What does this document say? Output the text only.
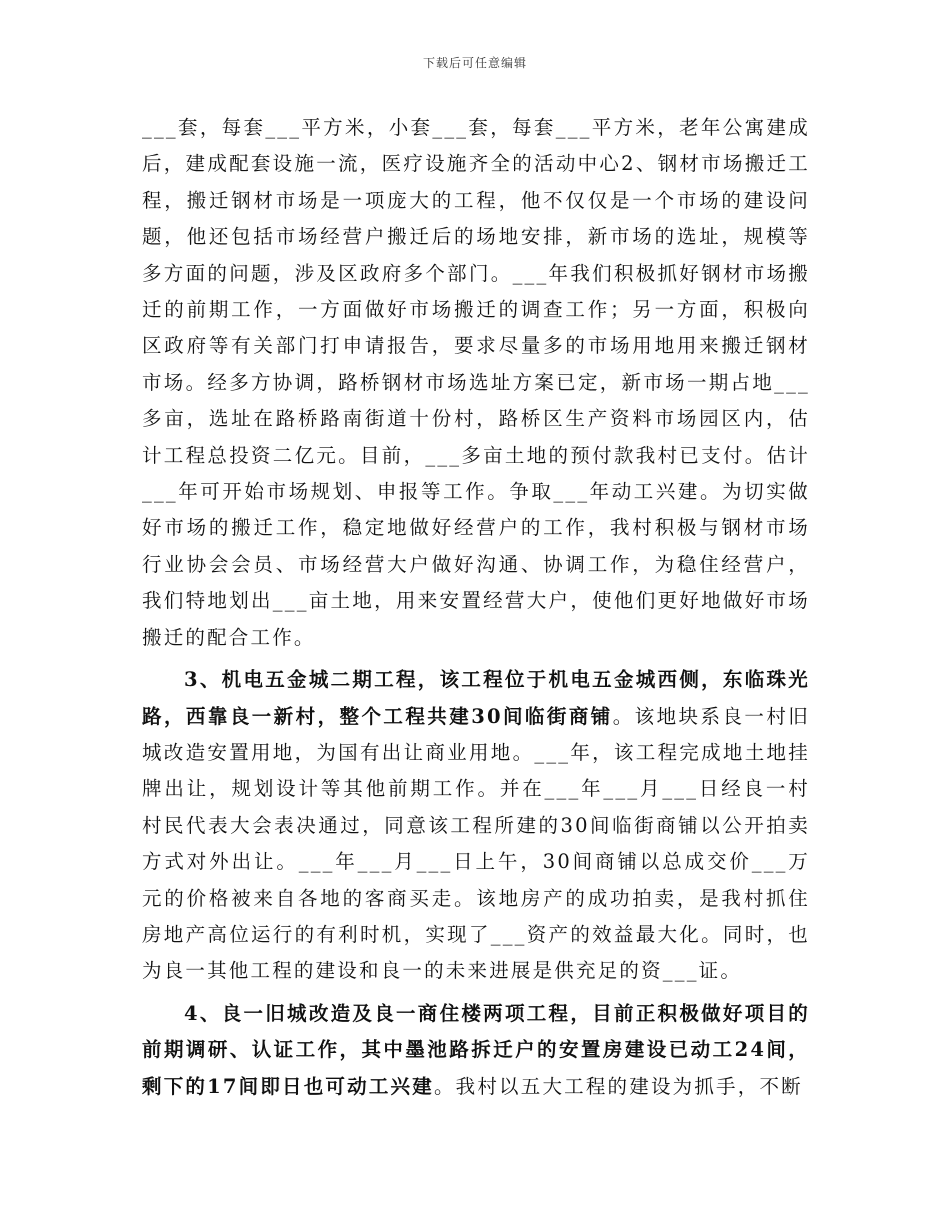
下载后可任意编辑

___套，每套___平方米，小套___套，每套___平方米，老年公寓建成后，建成配套设施一流，医疗设施齐全的活动中心2、钢材市场搬迁工程，搬迁钢材市场是一项庞大的工程，他不仅仅是一个市场的建设问题，他还包括市场经营户搬迁后的场地安排，新市场的选址，规模等多方面的问题，涉及区政府多个部门。___年我们积极抓好钢材市场搬迁的前期工作，一方面做好市场搬迁的调查工作；另一方面，积极向区政府等有关部门打申请报告，要求尽量多的市场用地用来搬迁钢材市场。经多方协调，路桥钢材市场选址方案已定，新市场一期占地___多亩，选址在路桥路南街道十份村，路桥区生产资料市场园区内，估计工程总投资二亿元。目前，___多亩土地的预付款我村已支付。估计___年可开始市场规划、申报等工作。争取___年动工兴建。为切实做好市场的搬迁工作，稳定地做好经营户的工作，我村积极与钢材市场行业协会会员、市场经营大户做好沟通、协调工作，为稳住经营户，我们特地划出___亩土地，用来安置经营大户，使他们更好地做好市场搬迁的配合工作。

3、机电五金城二期工程，该工程位于机电五金城西侧，东临珠光路，西靠良一新村，整个工程共建30间临街商铺。该地块系良一村旧城改造安置用地，为国有出让商业用地。___年，该工程完成地土地挂牌出让，规划设计等其他前期工作。并在___年___月___日经良一村村民代表大会表决通过，同意该工程所建的30间临街商铺以公开拍卖方式对外出让。___年___月___日上午，30间商铺以总成交价___万元的价格被来自各地的客商买走。该地房产的成功拍卖，是我村抓住房地产高位运行的有利时机，实现了___资产的效益最大化。同时，也为良一其他工程的建设和良一的未来进展是供充足的资___证。

4、良一旧城改造及良一商住楼两项工程，目前正积极做好项目的前期调研、认证工作，其中墨池路拆迁户的安置房建设已动工24间，剩下的17间即日也可动工兴建。我村以五大工程的建设为抓手，不断
